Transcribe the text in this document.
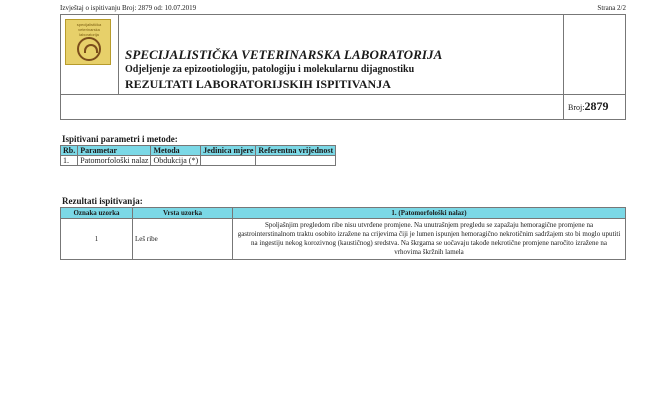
Izvještaj o ispitivanju Broj: 2879 od: 10.07.2019	Strana 2/2
specijalistička veterinarska laboratorija
SPECIJALISTIČKA VETERINARSKA LABORATORIJA
Odjeljenje za epizootiologiju, patologiju i molekularnu dijagnostiku
REZULTATI LABORATORIJSKIH ISPITIVANJA
Broj:2879
Ispitivani parametri i metode:
Rb.	Parametar	Metoda	Jedinica mjere	Referentna vrijednost
1.	Patomorfološki nalaz	Obdukcija (*)		
Rezultati ispitivanja:
Oznaka uzorka	Vrsta uzorka	1. (Patomorfološki nalaz)
1	Leš ribe	Spoljašnjim pregledom ribe nisu utvrđene promjene. Na unutrašnjem pregledu se zapažaju hemoragične promjene na gastrointerstinalnom traktu osobito izražene na crijevima čiji je lumen ispunjen hemoragično nekrotičnim sadržajem sto bi moglo uputiti na ingestiju nekog korozivnog (kaustičnog) sredstva. Na škrgama se uočavaju takođe nekrotične promjene naročito izražene na vrhovima škržnih lamela
